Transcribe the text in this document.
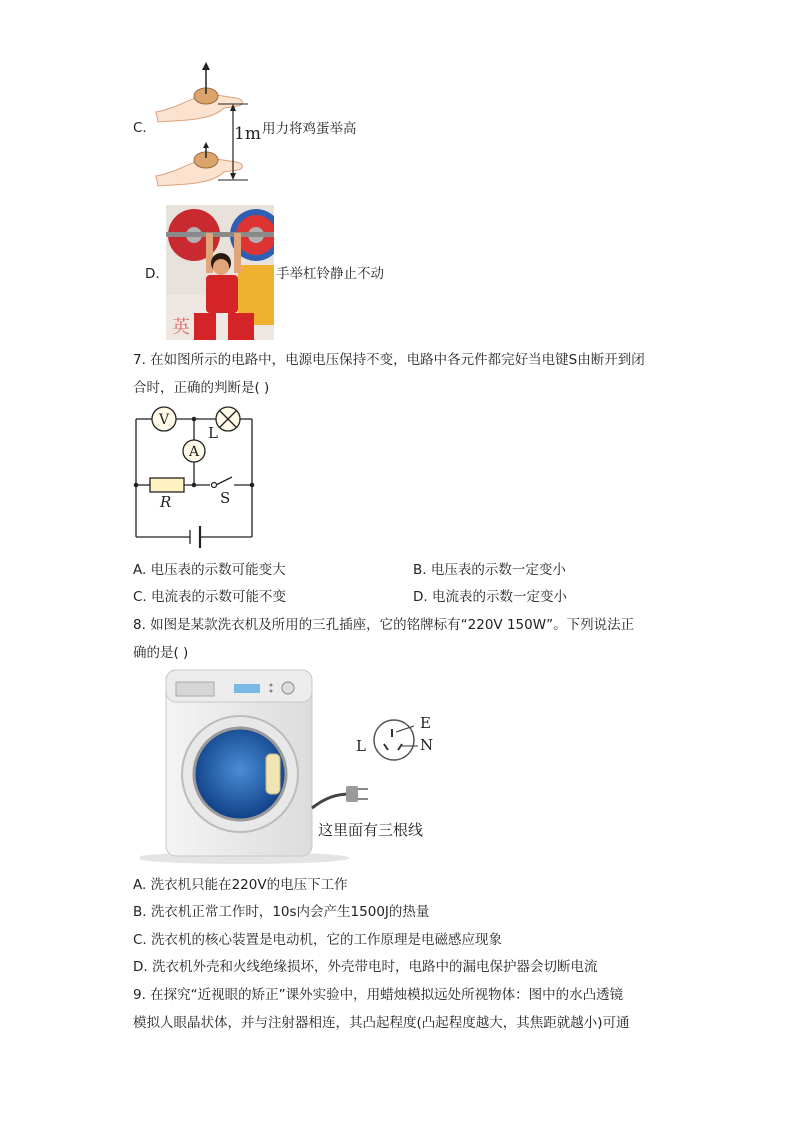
C.	1m 用力将鸡蛋举高
D.
英
手举杠铃静止不动
7. 在如图所示的电路中，电源电压保持不变，电路中各元件都完好当电键S由断开到闭
合时，正确的判断是( )
V
L
A
R	S
A. 电压表的示数可能变大	B. 电压表的示数一定变小
C. 电流表的示数可能不变	D. 电流表的示数一定变小
8. 如图是某款洗衣机及所用的三孔插座，它的铭牌标有“220V 150W”。下列说法正
确的是( )
E
L	N
这里面有三根线
A. 洗衣机只能在220V的电压下工作
B. 洗衣机正常工作时，10s内会产生1500J的热量
C. 洗衣机的核心装置是电动机，它的工作原理是电磁感应现象
D. 洗衣机外壳和火线绝缘损坏，外壳带电时，电路中的漏电保护器会切断电流
9. 在探究“近视眼的矫正”课外实验中，用蜡烛模拟远处所视物体：图中的水凸透镜
模拟人眼晶状体，并与注射器相连，其凸起程度(凸起程度越大，其焦距就越小)可通
